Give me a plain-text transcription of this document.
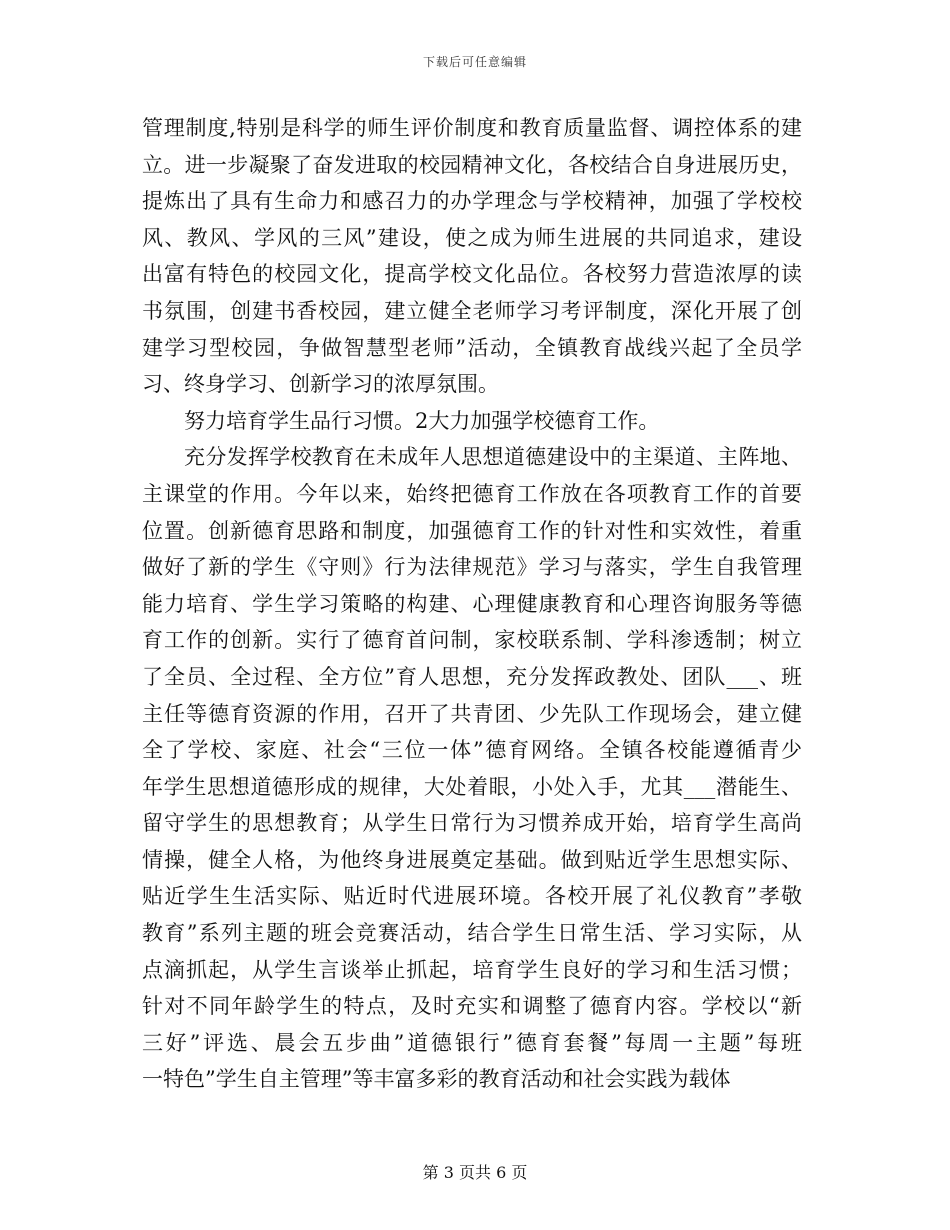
下载后可任意编辑
管理制度,特别是科学的师生评价制度和教育质量监督、调控体系的建
立。进一步凝聚了奋发进取的校园精神文化，各校结合自身进展历史，
提炼出了具有生命力和感召力的办学理念与学校精神，加强了学校校
风、教风、学风的三风”建设，使之成为师生进展的共同追求，建设
出富有特色的校园文化，提高学校文化品位。各校努力营造浓厚的读
书氛围，创建书香校园，建立健全老师学习考评制度，深化开展了创
建学习型校园，争做智慧型老师”活动，全镇教育战线兴起了全员学
习、终身学习、创新学习的浓厚氛围。
努力培育学生品行习惯。2大力加强学校德育工作。
充分发挥学校教育在未成年人思想道德建设中的主渠道、主阵地、
主课堂的作用。今年以来，始终把德育工作放在各项教育工作的首要
位置。创新德育思路和制度，加强德育工作的针对性和实效性，着重
做好了新的学生《守则》行为法律规范》学习与落实，学生自我管理
能力培育、学生学习策略的构建、心理健康教育和心理咨询服务等德
育工作的创新。实行了德育首问制，家校联系制、学科渗透制；树立
了全员、全过程、全方位”育人思想，充分发挥政教处、团队___、班
主任等德育资源的作用，召开了共青团、少先队工作现场会，建立健
全了学校、家庭、社会“三位一体”德育网络。全镇各校能遵循青少
年学生思想道德形成的规律，大处着眼，小处入手，尤其___潜能生、
留守学生的思想教育；从学生日常行为习惯养成开始，培育学生高尚
情操，健全人格，为他终身进展奠定基础。做到贴近学生思想实际、
贴近学生生活实际、贴近时代进展环境。各校开展了礼仪教育”孝敬
教育”系列主题的班会竞赛活动，结合学生日常生活、学习实际，从
点滴抓起，从学生言谈举止抓起，培育学生良好的学习和生活习惯；
针对不同年龄学生的特点，及时充实和调整了德育内容。学校以“新
三好”评选、晨会五步曲”道德银行”德育套餐”每周一主题”每班
一特色”学生自主管理”等丰富多彩的教育活动和社会实践为载体
第 3 页共 6 页
